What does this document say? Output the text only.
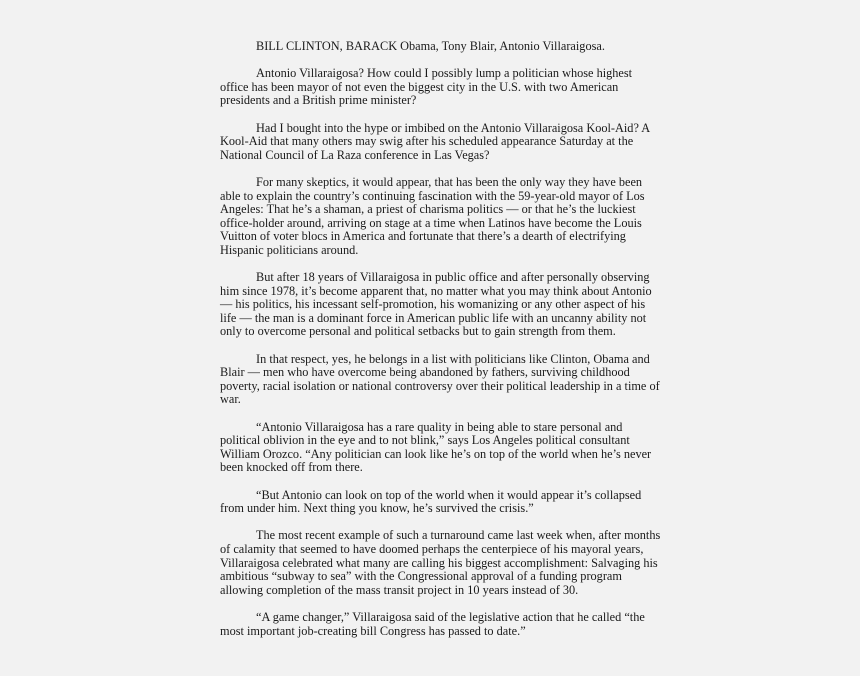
BILL CLINTON, BARACK Obama, Tony Blair, Antonio Villaraigosa.

Antonio Villaraigosa? How could I possibly lump a politician whose highest
office has been mayor of not even the biggest city in the U.S. with two American
presidents and a British prime minister?

Had I bought into the hype or imbibed on the Antonio Villaraigosa Kool-Aid? A
Kool-Aid that many others may swig after his scheduled appearance Saturday at the
National Council of La Raza conference in Las Vegas?

For many skeptics, it would appear, that has been the only way they have been
able to explain the country’s continuing fascination with the 59-year-old mayor of Los
Angeles: That he’s a shaman, a priest of charisma politics — or that he’s the luckiest
office-holder around, arriving on stage at a time when Latinos have become the Louis
Vuitton of voter blocs in America and fortunate that there’s a dearth of electrifying
Hispanic politicians around.

But after 18 years of Villaraigosa in public office and after personally observing
him since 1978, it’s become apparent that, no matter what you may think about Antonio
— his politics, his incessant self-promotion, his womanizing or any other aspect of his
life — the man is a dominant force in American public life with an uncanny ability not
only to overcome personal and political setbacks but to gain strength from them.

In that respect, yes, he belongs in a list with politicians like Clinton, Obama and
Blair — men who have overcome being abandoned by fathers, surviving childhood
poverty, racial isolation or national controversy over their political leadership in a time of
war.

“Antonio Villaraigosa has a rare quality in being able to stare personal and
political oblivion in the eye and to not blink,” says Los Angeles political consultant
William Orozco. “Any politician can look like he’s on top of the world when he’s never
been knocked off from there.

“But Antonio can look on top of the world when it would appear it’s collapsed
from under him. Next thing you know, he’s survived the crisis.”

The most recent example of such a turnaround came last week when, after months
of calamity that seemed to have doomed perhaps the centerpiece of his mayoral years,
Villaraigosa celebrated what many are calling his biggest accomplishment: Salvaging his
ambitious “subway to sea” with the Congressional approval of a funding program
allowing completion of the mass transit project in 10 years instead of 30.

“A game changer,” Villaraigosa said of the legislative action that he called “the
most important job-creating bill Congress has passed to date.”
